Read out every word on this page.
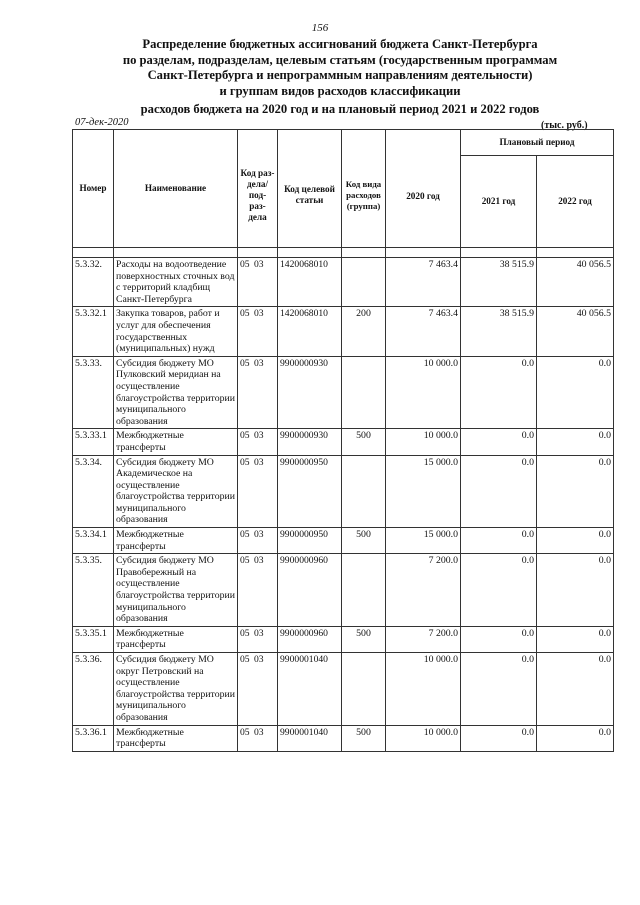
156
Распределение бюджетных ассигнований бюджета Санкт-Петербурга
по разделам, подразделам, целевым статьям (государственным программам
Санкт-Петербурга и непрограммным направлениям деятельности)
и группам видов расходов классификации
расходов бюджета на 2020 год и на плановый период 2021 и 2022 годов
07-дек-2020	(тыс. руб.)
Номер	Наименование	Код раз- дела/ под- раз- дела	Код целевой статьи	Код вида расходов (группа)	2020 год	Плановый период	
						2021 год	2022 год

5.3.32.	Расходы на водоотведение поверхностных сточных вод с территорий кладбищ Санкт-Петербурга	05 03	1420068010		7 463.4	38 515.9	40 056.5
5.3.32.1	Закупка товаров, работ и услуг для обеспечения государственных (муниципальных) нужд	05 03	1420068010	200	7 463.4	38 515.9	40 056.5
5.3.33.	Субсидия бюджету МО Пулковский меридиан на осуществление благоустройства территории муниципального образования	05 03	9900000930		10 000.0	0.0	0.0
5.3.33.1	Межбюджетные трансферты	05 03	9900000930	500	10 000.0	0.0	0.0
5.3.34.	Субсидия бюджету МО Академическое на осуществление благоустройства территории муниципального образования	05 03	9900000950		15 000.0	0.0	0.0
5.3.34.1	Межбюджетные трансферты	05 03	9900000950	500	15 000.0	0.0	0.0
5.3.35.	Субсидия бюджету МО Правобережный на осуществление благоустройства территории муниципального образования	05 03	9900000960		7 200.0	0.0	0.0
5.3.35.1	Межбюджетные трансферты	05 03	9900000960	500	7 200.0	0.0	0.0
5.3.36.	Субсидия бюджету МО округ Петровский на осуществление благоустройства территории муниципального образования	05 03	9900001040		10 000.0	0.0	0.0
5.3.36.1	Межбюджетные трансферты	05 03	9900001040	500	10 000.0	0.0	0.0
